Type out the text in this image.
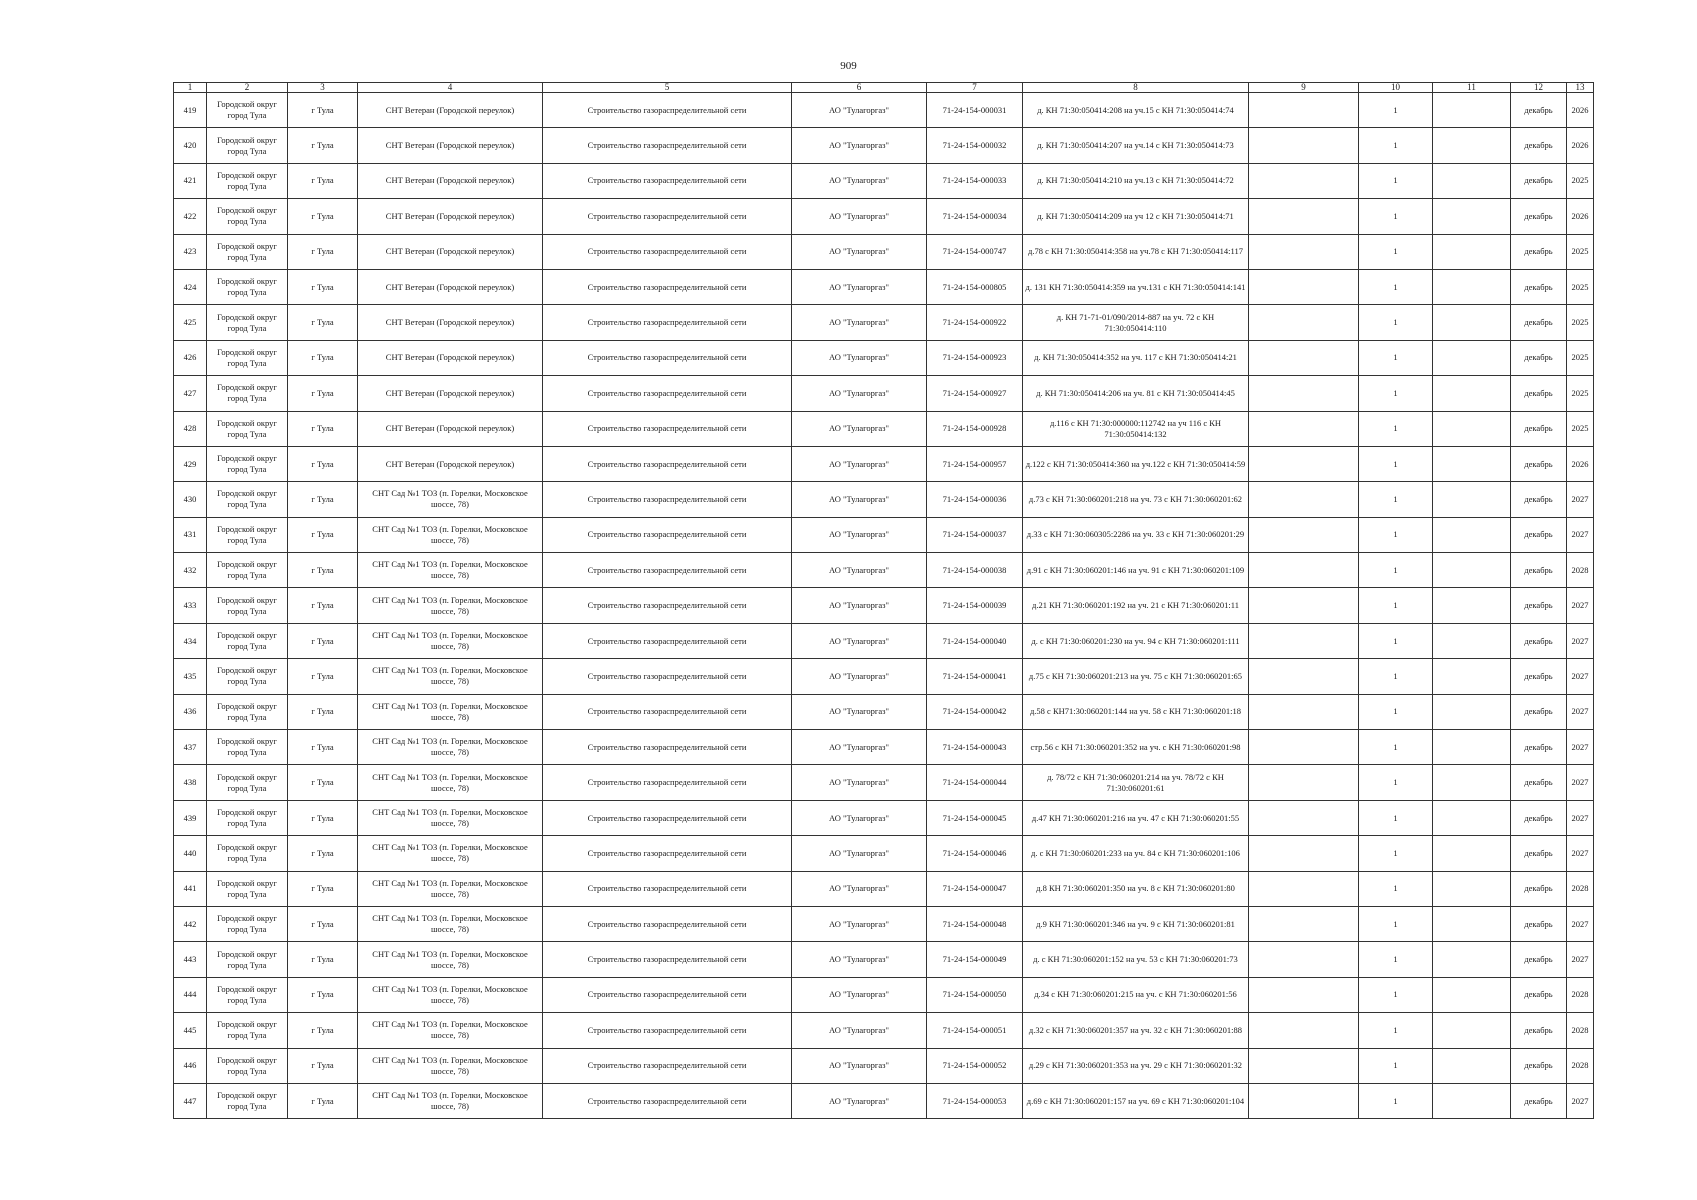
909
1	2	3	4	5	6	7	8	9	10	11	12	13
419	Городской округ город Тула	г Тула	СНТ Ветеран (Городской переулок)	Строительство газораспределительной сети	АО "Тулагоргаз"	71-24-154-000031	д. КН 71:30:050414:208 на уч.15 с КН 71:30:050414:74		1		декабрь	2026
420	Городской округ город Тула	г Тула	СНТ Ветеран (Городской переулок)	Строительство газораспределительной сети	АО "Тулагоргаз"	71-24-154-000032	д. КН 71:30:050414:207 на уч.14 с КН 71:30:050414:73		1		декабрь	2026
421	Городской округ город Тула	г Тула	СНТ Ветеран (Городской переулок)	Строительство газораспределительной сети	АО "Тулагоргаз"	71-24-154-000033	д. КН 71:30:050414:210 на уч.13 с КН 71:30:050414:72		1		декабрь	2025
422	Городской округ город Тула	г Тула	СНТ Ветеран (Городской переулок)	Строительство газораспределительной сети	АО "Тулагоргаз"	71-24-154-000034	д. КН 71:30:050414:209 на уч 12 с КН 71:30:050414:71		1		декабрь	2026
423	Городской округ город Тула	г Тула	СНТ Ветеран (Городской переулок)	Строительство газораспределительной сети	АО "Тулагоргаз"	71-24-154-000747	д.78 с КН 71:30:050414:358 на уч.78 с КН 71:30:050414:117		1		декабрь	2025
424	Городской округ город Тула	г Тула	СНТ Ветеран (Городской переулок)	Строительство газораспределительной сети	АО "Тулагоргаз"	71-24-154-000805	д. 131 КН 71:30:050414:359 на уч.131 с КН 71:30:050414:141		1		декабрь	2025
425	Городской округ город Тула	г Тула	СНТ Ветеран (Городской переулок)	Строительство газораспределительной сети	АО "Тулагоргаз"	71-24-154-000922	д. КН 71-71-01/090/2014-887 на уч. 72 с КН 71:30:050414:110		1		декабрь	2025
426	Городской округ город Тула	г Тула	СНТ Ветеран (Городской переулок)	Строительство газораспределительной сети	АО "Тулагоргаз"	71-24-154-000923	д. КН 71:30:050414:352 на уч. 117 с КН 71:30:050414:21		1		декабрь	2025
427	Городской округ город Тула	г Тула	СНТ Ветеран (Городской переулок)	Строительство газораспределительной сети	АО "Тулагоргаз"	71-24-154-000927	д. КН 71:30:050414:206 на уч. 81 с КН 71:30:050414:45		1		декабрь	2025
428	Городской округ город Тула	г Тула	СНТ Ветеран (Городской переулок)	Строительство газораспределительной сети	АО "Тулагоргаз"	71-24-154-000928	д.116 с КН 71:30:000000:112742 на уч 116 с КН 71:30:050414:132		1		декабрь	2025
429	Городской округ город Тула	г Тула	СНТ Ветеран (Городской переулок)	Строительство газораспределительной сети	АО "Тулагоргаз"	71-24-154-000957	д.122 с КН 71:30:050414:360 на уч.122 с КН 71:30:050414:59		1		декабрь	2026
430	Городской округ город Тула	г Тула	СНТ Сад №1 ТОЗ (п. Горелки, Московское шоссе, 78)	Строительство газораспределительной сети	АО "Тулагоргаз"	71-24-154-000036	д.73 с КН 71:30:060201:218 на уч. 73 с КН 71:30:060201:62		1		декабрь	2027
431	Городской округ город Тула	г Тула	СНТ Сад №1 ТОЗ (п. Горелки, Московское шоссе, 78)	Строительство газораспределительной сети	АО "Тулагоргаз"	71-24-154-000037	д.33 с КН 71:30:060305:2286 на уч. 33 с КН 71:30:060201:29		1		декабрь	2027
432	Городской округ город Тула	г Тула	СНТ Сад №1 ТОЗ (п. Горелки, Московское шоссе, 78)	Строительство газораспределительной сети	АО "Тулагоргаз"	71-24-154-000038	д.91 с КН 71:30:060201:146 на уч. 91 с КН 71:30:060201:109		1		декабрь	2028
433	Городской округ город Тула	г Тула	СНТ Сад №1 ТОЗ (п. Горелки, Московское шоссе, 78)	Строительство газораспределительной сети	АО "Тулагоргаз"	71-24-154-000039	д.21 КН 71:30:060201:192 на уч. 21 с КН 71:30:060201:11		1		декабрь	2027
434	Городской округ город Тула	г Тула	СНТ Сад №1 ТОЗ (п. Горелки, Московское шоссе, 78)	Строительство газораспределительной сети	АО "Тулагоргаз"	71-24-154-000040	д. с КН 71:30:060201:230 на уч. 94 с КН 71:30:060201:111		1		декабрь	2027
435	Городской округ город Тула	г Тула	СНТ Сад №1 ТОЗ (п. Горелки, Московское шоссе, 78)	Строительство газораспределительной сети	АО "Тулагоргаз"	71-24-154-000041	д.75 с КН 71:30:060201:213 на уч. 75 с КН 71:30:060201:65		1		декабрь	2027
436	Городской округ город Тула	г Тула	СНТ Сад №1 ТОЗ (п. Горелки, Московское шоссе, 78)	Строительство газораспределительной сети	АО "Тулагоргаз"	71-24-154-000042	д.58 с КН71:30:060201:144 на уч. 58 с КН 71:30:060201:18		1		декабрь	2027
437	Городской округ город Тула	г Тула	СНТ Сад №1 ТОЗ (п. Горелки, Московское шоссе, 78)	Строительство газораспределительной сети	АО "Тулагоргаз"	71-24-154-000043	стр.56 с КН 71:30:060201:352 на уч. с КН 71:30:060201:98		1		декабрь	2027
438	Городской округ город Тула	г Тула	СНТ Сад №1 ТОЗ (п. Горелки, Московское шоссе, 78)	Строительство газораспределительной сети	АО "Тулагоргаз"	71-24-154-000044	д. 78/72 с КН 71:30:060201:214 на уч. 78/72 с КН 71:30:060201:61		1		декабрь	2027
439	Городской округ город Тула	г Тула	СНТ Сад №1 ТОЗ (п. Горелки, Московское шоссе, 78)	Строительство газораспределительной сети	АО "Тулагоргаз"	71-24-154-000045	д.47 КН 71:30:060201:216 на уч. 47 с КН 71:30:060201:55		1		декабрь	2027
440	Городской округ город Тула	г Тула	СНТ Сад №1 ТОЗ (п. Горелки, Московское шоссе, 78)	Строительство газораспределительной сети	АО "Тулагоргаз"	71-24-154-000046	д. с КН 71:30:060201:233 на уч. 84 с КН 71:30:060201:106		1		декабрь	2027
441	Городской округ город Тула	г Тула	СНТ Сад №1 ТОЗ (п. Горелки, Московское шоссе, 78)	Строительство газораспределительной сети	АО "Тулагоргаз"	71-24-154-000047	д.8 КН 71:30:060201:350 на уч. 8 с КН 71:30:060201:80		1		декабрь	2028
442	Городской округ город Тула	г Тула	СНТ Сад №1 ТОЗ (п. Горелки, Московское шоссе, 78)	Строительство газораспределительной сети	АО "Тулагоргаз"	71-24-154-000048	д.9 КН 71:30:060201:346 на уч. 9 с КН 71:30:060201:81		1		декабрь	2027
443	Городской округ город Тула	г Тула	СНТ Сад №1 ТОЗ (п. Горелки, Московское шоссе, 78)	Строительство газораспределительной сети	АО "Тулагоргаз"	71-24-154-000049	д. с КН 71:30:060201:152 на уч. 53 с КН 71:30:060201:73		1		декабрь	2027
444	Городской округ город Тула	г Тула	СНТ Сад №1 ТОЗ (п. Горелки, Московское шоссе, 78)	Строительство газораспределительной сети	АО "Тулагоргаз"	71-24-154-000050	д.34 с КН 71:30:060201:215 на уч. с КН 71:30:060201:56		1		декабрь	2028
445	Городской округ город Тула	г Тула	СНТ Сад №1 ТОЗ (п. Горелки, Московское шоссе, 78)	Строительство газораспределительной сети	АО "Тулагоргаз"	71-24-154-000051	д.32 с КН 71:30:060201:357 на уч. 32 с КН 71:30:060201:88		1		декабрь	2028
446	Городской округ город Тула	г Тула	СНТ Сад №1 ТОЗ (п. Горелки, Московское шоссе, 78)	Строительство газораспределительной сети	АО "Тулагоргаз"	71-24-154-000052	д.29 с КН 71:30:060201:353 на уч. 29 с КН 71:30:060201:32		1		декабрь	2028
447	Городской округ город Тула	г Тула	СНТ Сад №1 ТОЗ (п. Горелки, Московское шоссе, 78)	Строительство газораспределительной сети	АО "Тулагоргаз"	71-24-154-000053	д.69 с КН 71:30:060201:157 на уч. 69 с КН 71:30:060201:104		1		декабрь	2027
